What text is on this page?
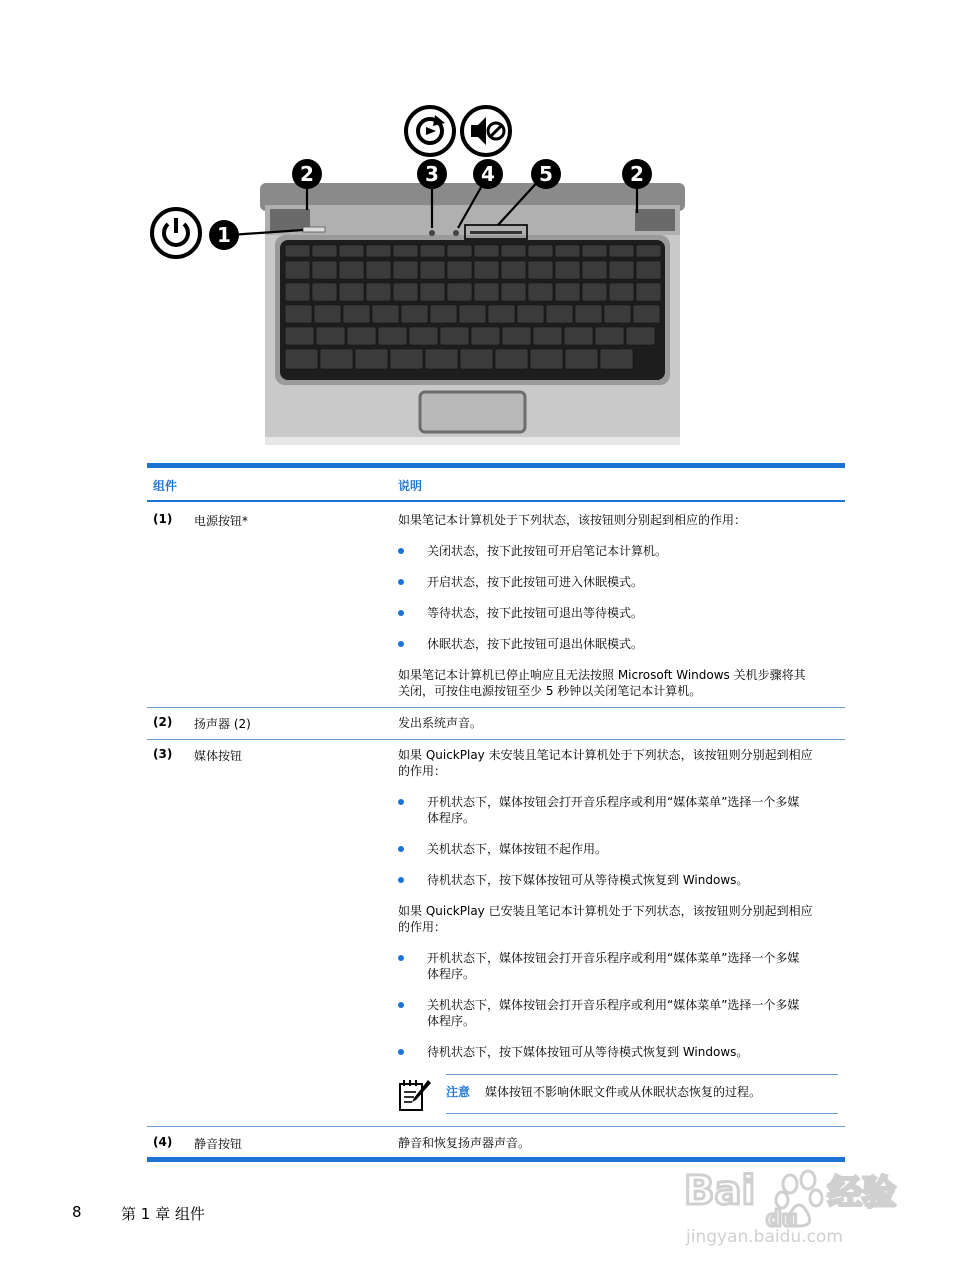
1
2	3 4 5	2
组件	说明
(1) 电源按钮*	如果笔记本计算机处于下列状态，该按钮则分别起到相应的作用：

关闭状态，按下此按钮可开启笔记本计算机。

开启状态，按下此按钮可进入休眠模式。

等待状态，按下此按钮可退出等待模式。

休眠状态，按下此按钮可退出休眠模式。

如果笔记本计算机已停止响应且无法按照 Microsoft Windows 关机步骤将其

关闭，可按住电源按钮至少 5 秒钟以关闭笔记本计算机。

(2) 扬声器 (2)	发出系统声音。

(3) 媒体按钮	如果 QuickPlay 未安装且笔记本计算机处于下列状态，该按钮则分别起到相应

的作用：

开机状态下，媒体按钮会打开音乐程序或利用“媒体菜单”选择一个多媒
体程序。

关机状态下，媒体按钮不起作用。

待机状态下，按下媒体按钮可从等待模式恢复到 Windows。

如果 QuickPlay 已安装且笔记本计算机处于下列状态，该按钮则分别起到相应

的作用：

开机状态下，媒体按钮会打开音乐程序或利用“媒体菜单”选择一个多媒
体程序。

关机状态下，媒体按钮会打开音乐程序或利用“媒体菜单”选择一个多媒
体程序。

待机状态下，按下媒体按钮可从等待模式恢复到 Windows。

注意 媒体按钮不影响休眠文件或从休眠状态恢复的过程。
(4) 静音按钮	静音和恢复扬声器声音。

8	第 1 章 组件	Bai
du
经验
jingyan.baidu.com
